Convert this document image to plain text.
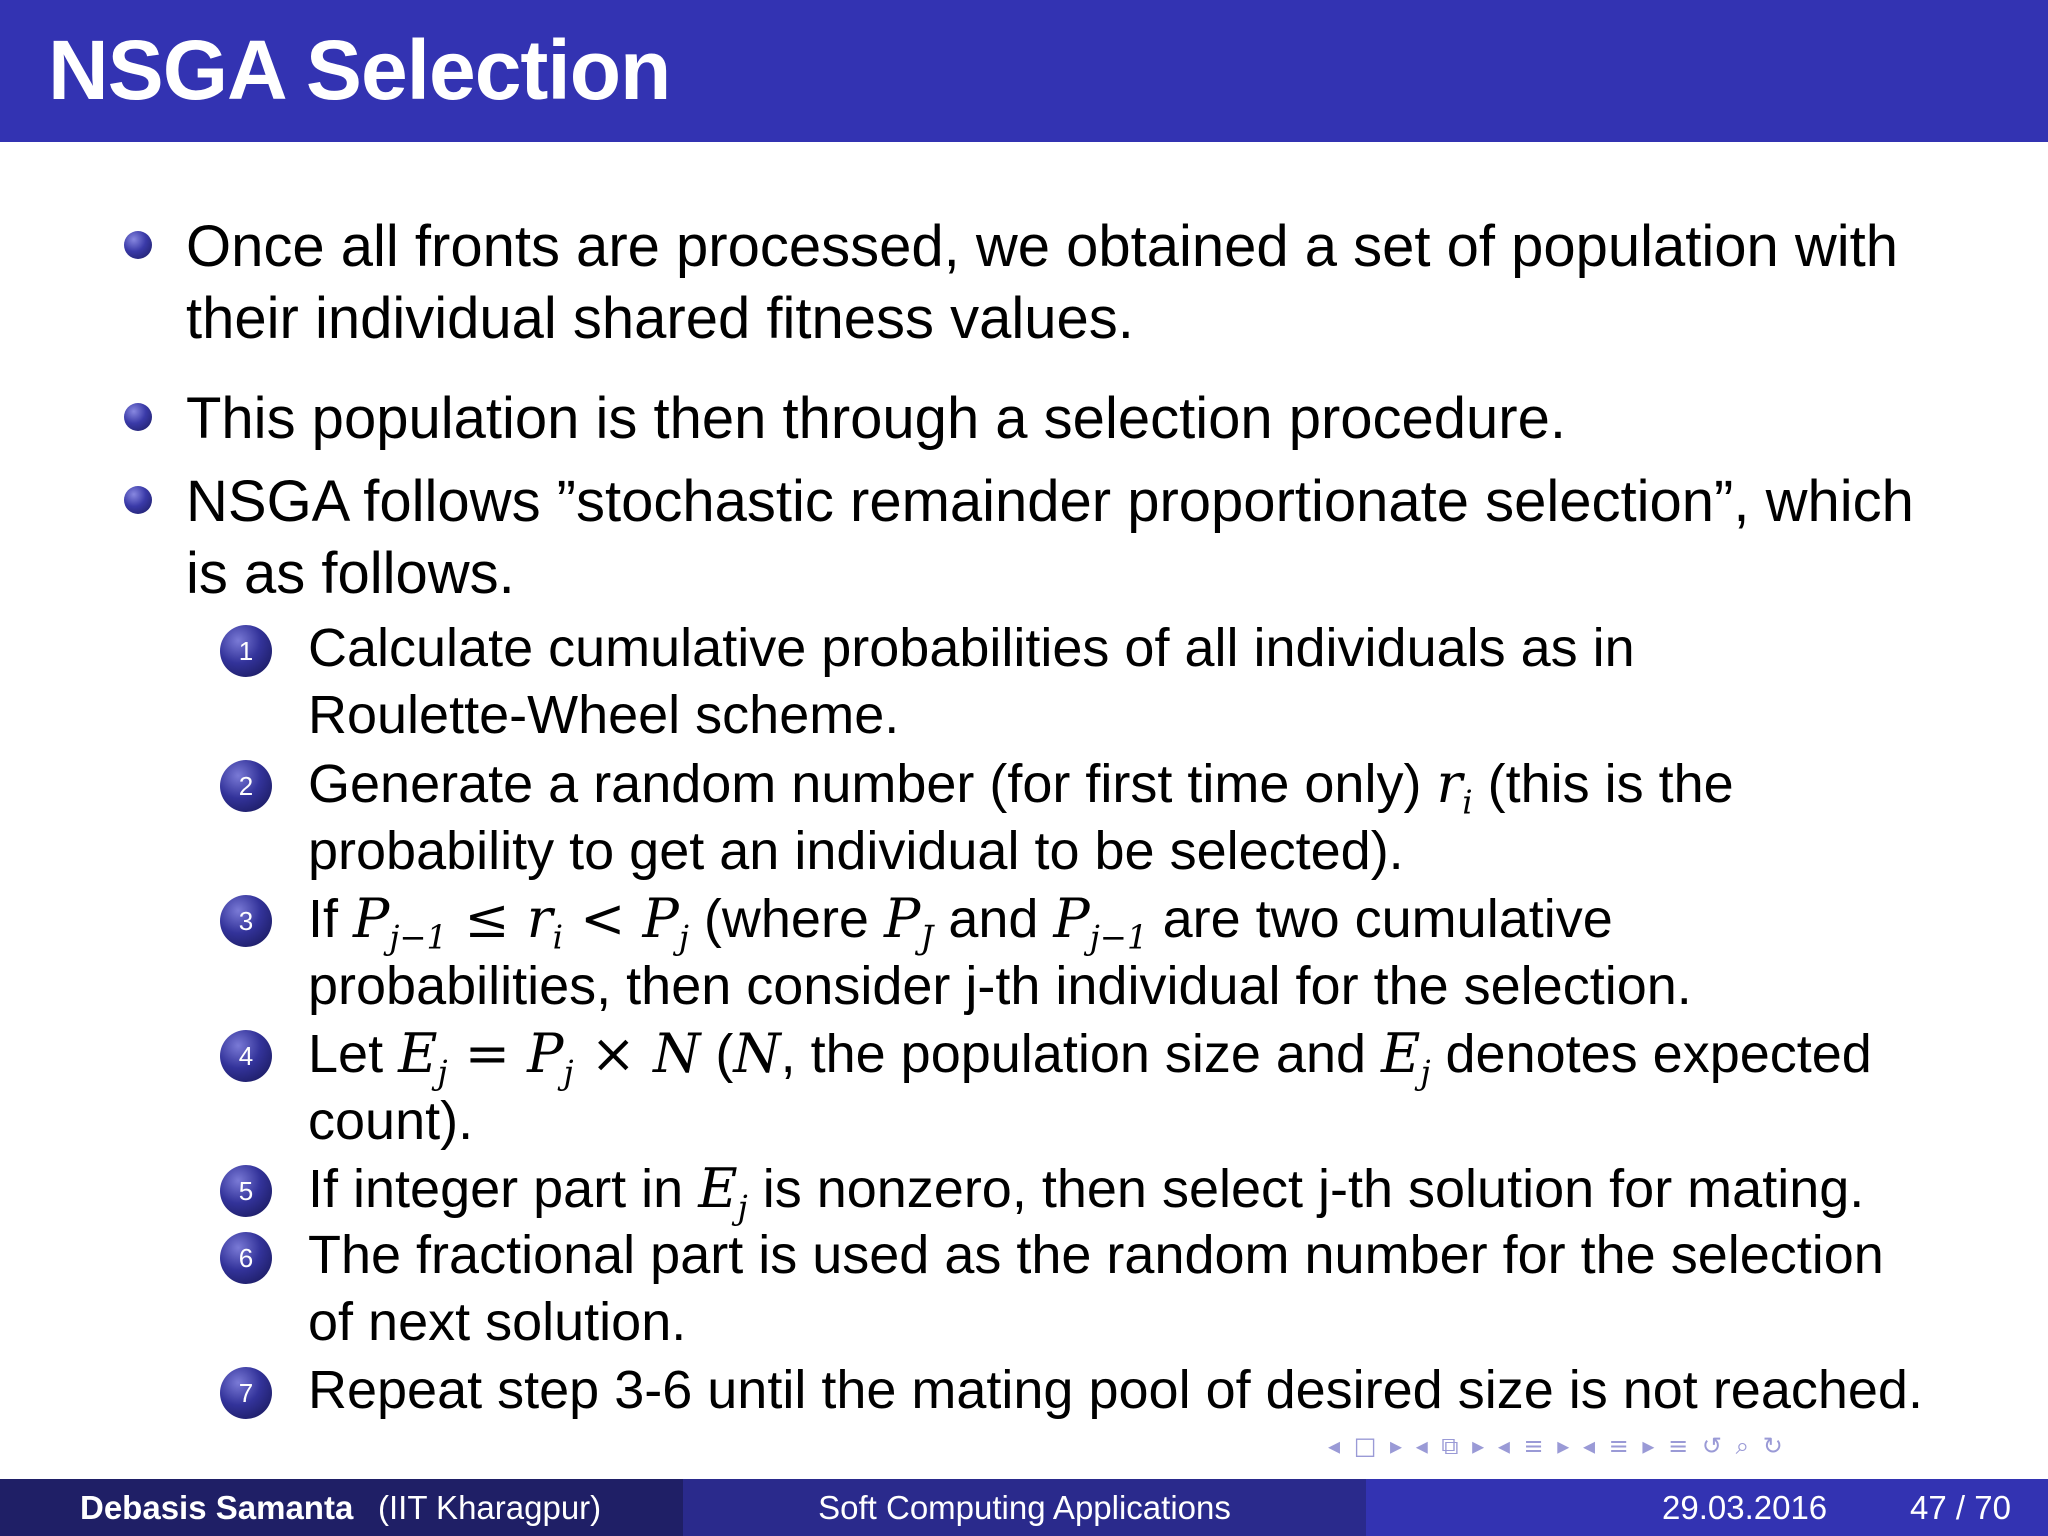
NSGA Selection
Once all fronts are processed, we obtained a set of population with their individual shared fitness values.
This population is then through a selection procedure.
NSGA follows ”stochastic remainder proportionate selection”, which is as follows.
1	Calculate cumulative probabilities of all individuals as in
Roulette-Wheel scheme.
2	Generate a random number (for first time only) $r_i$ (this is the
probability to get an individual to be selected).
3	If $P_{j-1} \le r_i < P_j$ (where $P_J$ and $P_{j-1}$ are two cumulative
probabilities, then consider j-th individual for the selection.
4	Let $E_j = P_j \times N$ (N, the population size and $E_j$ denotes expected
count).
5	If integer part in $E_j$ is nonzero, then select j-th solution for mating.
6	The fractional part is used as the random number for the selection
of next solution.
7	Repeat step 3-6 until the mating pool of desired size is not reached.
◂ □ ▸ ◂ ⧉ ▸ ◂ ≡ ▸ ◂ ≡ ▸ ≡ ↺ ⌕ ↻
Debasis Samanta (IIT Kharagpur)	Soft Computing Applications	29.03.2016	47 / 70
